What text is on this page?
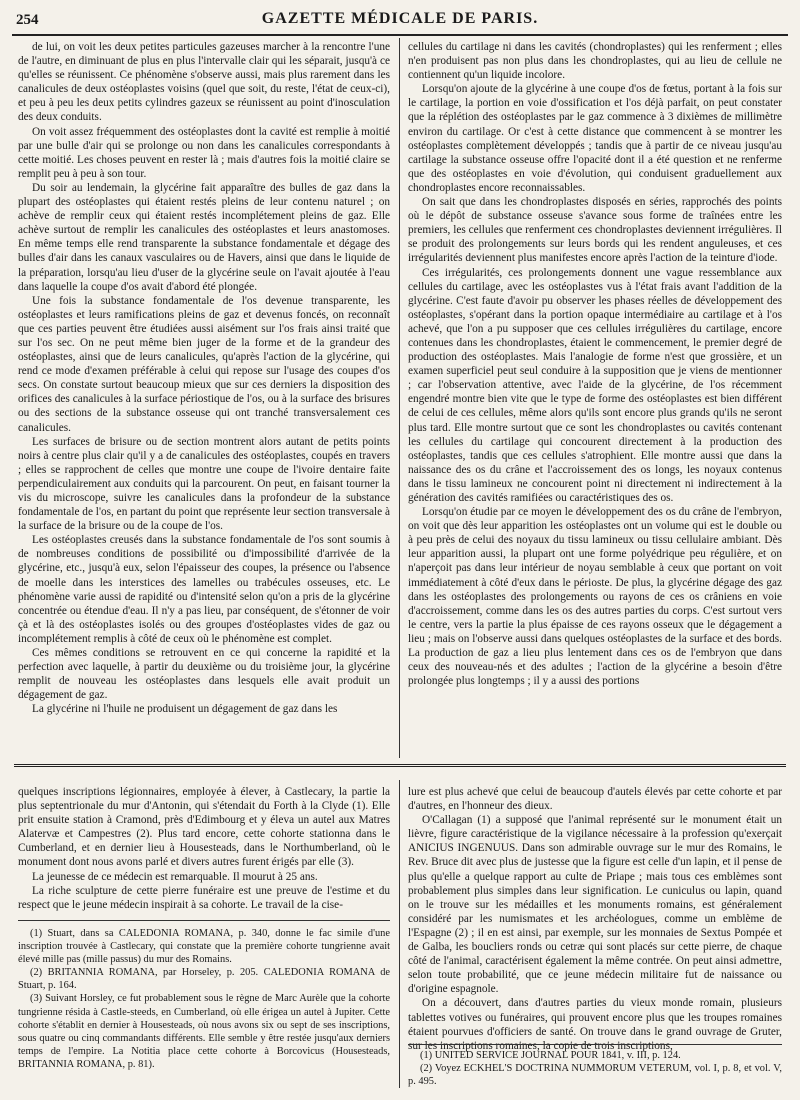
254	GAZETTE MÉDICALE DE PARIS.

de lui, on voit les deux petites particules gazeuses marcher à la rencontre l'une de l'autre, en diminuant de plus en plus l'intervalle clair qui les séparait, jusqu'à ce qu'elles se réunissent. Ce phénomène s'observe aussi, mais plus rarement dans les canalicules de deux ostéoplastes voisins (quel que soit, du reste, l'état de ceux-ci), et peu à peu les deux petits cylindres gazeux se réunissent au point d'inosculation des deux conduits.

On voit assez fréquemment des ostéoplastes dont la cavité est remplie à moitié par une bulle d'air qui se prolonge ou non dans les canalicules correspondants à cette moitié. Les choses peuvent en rester là ; mais d'autres fois la moitié claire se remplit peu à peu à son tour.

Du soir au lendemain, la glycérine fait apparaître des bulles de gaz dans la plupart des ostéoplastes qui étaient restés pleins de leur contenu naturel ; on achève de remplir ceux qui étaient restés incomplétement pleins de gaz. Elle achève surtout de remplir les canalicules des ostéoplastes et leurs anastomoses. En même temps elle rend transparente la substance fondamentale et dégage des bulles d'air dans les canaux vasculaires ou de Havers, ainsi que dans le liquide de la préparation, lorsqu'au lieu d'user de la glycérine seule on l'avait ajoutée à l'eau dans laquelle la coupe d'os avait d'abord été plongée.

Une fois la substance fondamentale de l'os devenue transparente, les ostéoplastes et leurs ramifications pleins de gaz et devenus foncés, on reconnaît que ces parties peuvent être étudiées aussi aisément sur l'os frais ainsi traité que sur l'os sec. On ne peut même bien juger de la forme et de la grandeur des ostéoplastes, ainsi que de leurs canalicules, qu'après l'action de la glycérine, qui rend ce mode d'examen préférable à celui qui repose sur l'usage des coupes d'os secs. On constate surtout beaucoup mieux que sur ces derniers la disposition des orifices des canalicules à la surface périostique de l'os, ou à la surface des brisures ou des sections de la substance osseuse qui ont tranché transversalement ces canalicules.

Les surfaces de brisure ou de section montrent alors autant de petits points noirs à centre plus clair qu'il y a de canalicules des ostéoplastes, coupés en travers ; elles se rapprochent de celles que montre une coupe de l'ivoire dentaire faite perpendiculairement aux conduits qui la parcourent. On peut, en faisant tourner la vis du microscope, suivre les canalicules dans la profondeur de la substance fondamentale de l'os, en partant du point que représente leur section transversale à la surface de la brisure ou de la coupe de l'os.

Les ostéoplastes creusés dans la substance fondamentale de l'os sont soumis à de nombreuses conditions de possibilité ou d'impossibilité d'arrivée de la glycérine, etc., jusqu'à eux, selon l'épaisseur des coupes, la présence ou l'absence de moelle dans les interstices des lamelles ou trabécules osseuses, etc. Le phénomène varie aussi de rapidité ou d'intensité selon qu'on a pris de la glycérine concentrée ou étendue d'eau. Il n'y a pas lieu, par conséquent, de s'étonner de voir çà et là des ostéoplastes isolés ou des groupes d'ostéoplastes vides de gaz ou incomplétement remplis à côté de ceux où le phénomène est complet.

Ces mêmes conditions se retrouvent en ce qui concerne la rapidité et la perfection avec laquelle, à partir du deuxième ou du troisième jour, la glycérine remplit de nouveau les ostéoplastes dans lesquels elle avait produit un dégagement de gaz.

La glycérine ni l'huile ne produisent un dégagement de gaz dans les

cellules du cartilage ni dans les cavités (chondroplastes) qui les renferment ; elles n'en produisent pas non plus dans les chondroplastes, qui au lieu de cellule ne contiennent qu'un liquide incolore.

Lorsqu'on ajoute de la glycérine à une coupe d'os de fœtus, portant à la fois sur le cartilage, la portion en voie d'ossification et l'os déjà parfait, on peut constater que la réplétion des ostéoplastes par le gaz commence à 3 dixièmes de millimètre environ du cartilage. Or c'est à cette distance que commencent à se montrer les ostéoplastes complètement développés ; tandis que à partir de ce niveau jusqu'au cartilage la substance osseuse offre l'opacité dont il a été question et ne renferme que des ostéoplastes en voie d'évolution, qui conduisent graduellement aux chondroplastes encore reconnaissables.

On sait que dans les chondroplastes disposés en séries, rapprochés des points où le dépôt de substance osseuse s'avance sous forme de traînées entre les premiers, les cellules que renferment ces chondroplastes deviennent irrégulières. Il se produit des prolongements sur leurs bords qui les rendent anguleuses, et ces irrégularités deviennent plus manifestes encore après l'action de la teinture d'iode.

Ces irrégularités, ces prolongements donnent une vague ressemblance aux cellules du cartilage, avec les ostéoplastes vus à l'état frais avant l'addition de la glycérine. C'est faute d'avoir pu observer les phases réelles de développement des ostéoplastes, s'opérant dans la portion opaque intermédiaire au cartilage et à l'os achevé, que l'on a pu supposer que ces cellules irrégulières du cartilage, encore contenues dans les chondroplastes, étaient le commencement, le premier degré de production des ostéoplastes. Mais l'analogie de forme n'est que grossière, et un examen superficiel peut seul conduire à la supposition que je viens de mentionner ; car l'observation attentive, avec l'aide de la glycérine, de l'os récemment engendré montre bien vite que le type de forme des ostéoplastes est bien différent de celui de ces cellules, même alors qu'ils sont encore plus grands qu'ils ne seront plus tard. Elle montre surtout que ce sont les chondroplastes ou cavités contenant les cellules du cartilage qui concourent directement à la production des ostéoplastes, tandis que ces cellules s'atrophient. Elle montre aussi que dans la naissance des os du crâne et l'accroissement des os longs, les noyaux contenus dans le tissu lamineux ne concourent point ni directement ni indirectement à la génération des cavités ramifiées ou caractéristiques des os.

Lorsqu'on étudie par ce moyen le développement des os du crâne de l'embryon, on voit que dès leur apparition les ostéoplastes ont un volume qui est le double ou à peu près de celui des noyaux du tissu lamineux ou tissu cellulaire ambiant. Dès leur apparition aussi, la plupart ont une forme polyédrique peu régulière, et on n'aperçoit pas dans leur intérieur de noyau semblable à ceux que portant on voit immédiatement à côté d'eux dans le périoste. De plus, la glycérine dégage des gaz dans les ostéoplastes des prolongements ou rayons de ces os crâniens en voie d'accroissement, comme dans les os des autres parties du corps. C'est surtout vers le centre, vers la partie la plus épaisse de ces rayons osseux que le dégagement a lieu ; mais on l'observe aussi dans quelques ostéoplastes de la surface et des bords. La production de gaz a lieu plus lentement dans ces os de l'embryon que dans ceux des nouveau-nés et des adultes ; l'action de la glycérine a besoin d'être prolongée plus longtemps ; il y a aussi des portions

quelques inscriptions légionnaires, employée à élever, à Castlecary, la partie la plus septentrionale du mur d'Antonin, qui s'étendait du Forth à la Clyde (1). Elle prit ensuite station à Cramond, près d'Edimbourg et y éleva un autel aux Matres Alatervæ et Campestres (2). Plus tard encore, cette cohorte stationna dans le Cumberland, et en dernier lieu à Housesteads, dans le Northumberland, où le monument dont nous avons parlé et divers autres furent érigés par elle (3).

La jeunesse de ce médecin est remarquable. Il mourut à 25 ans.

La riche sculpture de cette pierre funéraire est une preuve de l'estime et du respect que le jeune médecin inspirait à sa cohorte. Le travail de la cise-

(1) Stuart, dans sa CALEDONIA ROMANA, p. 340, donne le fac simile d'une inscription trouvée à Castlecary, qui constate que la première cohorte tungrienne avait élevé mille pas (mille passus) du mur des Romains.

(2) BRITANNIA ROMANA, par Horseley, p. 205. CALEDONIA ROMANA de Stuart, p. 164.

(3) Suivant Horsley, ce fut probablement sous le règne de Marc Aurèle que la cohorte tungrienne résida à Castle-steeds, en Cumberland, où elle érigea un autel à Jupiter. Cette cohorte s'établit en dernier à Housesteads, où nous avons six ou sept de ses inscriptions, sous quatre ou cinq commandants différents. Elle semble y être restée jusqu'aux derniers temps de l'empire. La Notitia place cette cohorte à Borcovicus (Housesteads, BRITANNIA ROMANA, p. 81).

lure est plus achevé que celui de beaucoup d'autels élevés par cette cohorte et par d'autres, en l'honneur des dieux.

O'Callagan (1) a supposé que l'animal représenté sur le monument était un lièvre, figure caractéristique de la vigilance nécessaire à la profession qu'exerçait ANICIUS INGENUUS. Dans son admirable ouvrage sur le mur des Romains, le Rev. Bruce dit avec plus de justesse que la figure est celle d'un lapin, et il pense de plus qu'elle a quelque rapport au culte de Priape ; mais tous ces emblèmes sont probablement plus simples dans leur signification. Le cuniculus ou lapin, quand on le trouve sur les médailles et les monuments romains, est généralement considéré par les numismates et les archéologues, comme un emblème de l'Espagne (2) ; il en est ainsi, par exemple, sur les monnaies de Sextus Pompée et de Galba, les boucliers ronds ou cetræ qui sont placés sur cette pierre, de chaque côté de l'animal, caractérisent également la même contrée. On peut ainsi admettre, selon toute probabilité, que ce jeune médecin militaire fut de naissance ou d'origine espagnole.

On a découvert, dans d'autres parties du vieux monde romain, plusieurs tablettes votives ou funéraires, qui prouvent encore plus que les troupes romaines étaient pourvues d'officiers de santé. On trouve dans le grand ouvrage de Gruter, sur les inscriptions romaines, la copie de trois inscriptions,

(1) UNITED SERVICE JOURNAL POUR 1841, v. III, p. 124.

(2) Voyez ECKHEL'S DOCTRINA NUMMORUM VETERUM, vol. I, p. 8, et vol. V, p. 495.
